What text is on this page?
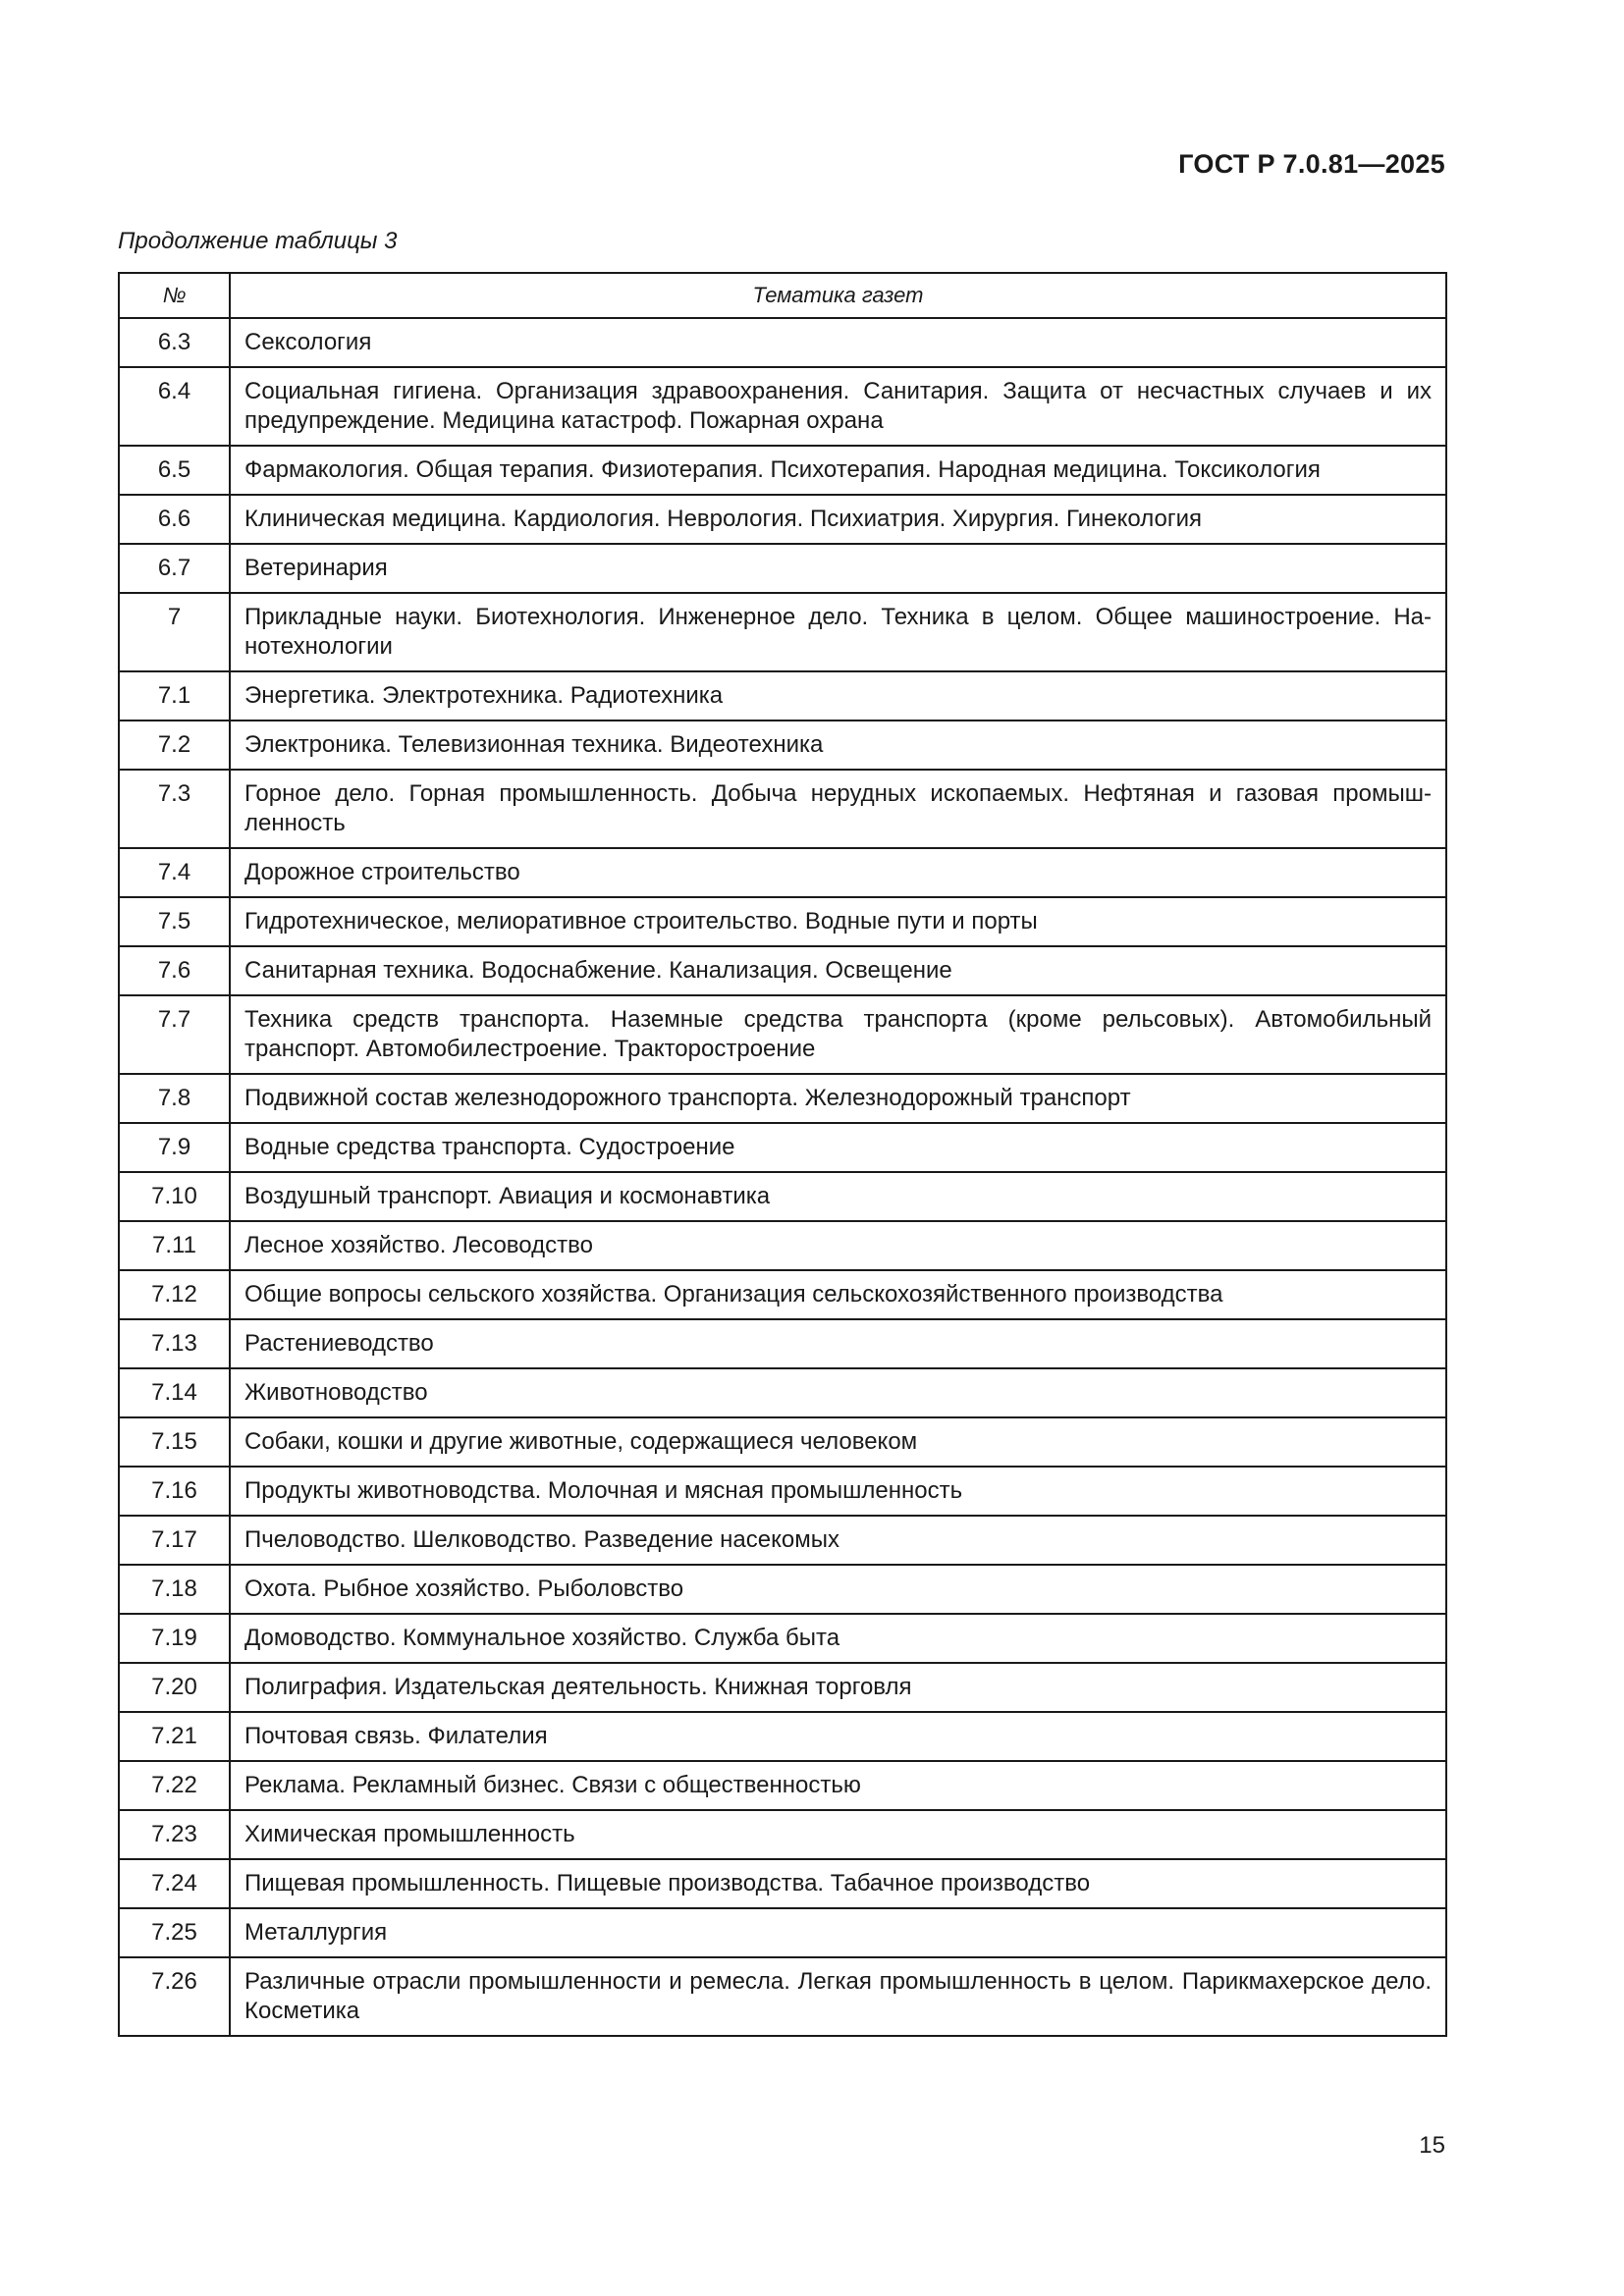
ГОСТ Р 7.0.81—2025
Продолжение таблицы 3
№	Тематика газет
6.3	Сексология
6.4	Социальная гигиена. Организация здравоохранения. Санитария. Защита от несчастных случаев и их предупреждение. Медицина катастроф. Пожарная охрана
6.5	Фармакология. Общая терапия. Физиотерапия. Психотерапия. Народная медицина. Токсикология
6.6	Клиническая медицина. Кардиология. Неврология. Психиатрия. Хирургия. Гинекология
6.7	Ветеринария
7	Прикладные науки. Биотехнология. Инженерное дело. Техника в целом. Общее машиностроение. Нанотехнологии
7.1	Энергетика. Электротехника. Радиотехника
7.2	Электроника. Телевизионная техника. Видеотехника
7.3	Горное дело. Горная промышленность. Добыча нерудных ископаемых. Нефтяная и газовая промышленность
7.4	Дорожное строительство
7.5	Гидротехническое, мелиоративное строительство. Водные пути и порты
7.6	Санитарная техника. Водоснабжение. Канализация. Освещение
7.7	Техника средств транспорта. Наземные средства транспорта (кроме рельсовых). Автомобильный транспорт. Автомобилестроение. Тракторостроение
7.8	Подвижной состав железнодорожного транспорта. Железнодорожный транспорт
7.9	Водные средства транспорта. Судостроение
7.10	Воздушный транспорт. Авиация и космонавтика
7.11	Лесное хозяйство. Лесоводство
7.12	Общие вопросы сельского хозяйства. Организация сельскохозяйственного производства
7.13	Растениеводство
7.14	Животноводство
7.15	Собаки, кошки и другие животные, содержащиеся человеком
7.16	Продукты животноводства. Молочная и мясная промышленность
7.17	Пчеловодство. Шелководство. Разведение насекомых
7.18	Охота. Рыбное хозяйство. Рыболовство
7.19	Домоводство. Коммунальное хозяйство. Служба быта
7.20	Полиграфия. Издательская деятельность. Книжная торговля
7.21	Почтовая связь. Филателия
7.22	Реклама. Рекламный бизнес. Связи с общественностью
7.23	Химическая промышленность
7.24	Пищевая промышленность. Пищевые производства. Табачное производство
7.25	Металлургия
7.26	Различные отрасли промышленности и ремесла. Легкая промышленность в целом. Парикмахерское дело. Косметика
15
